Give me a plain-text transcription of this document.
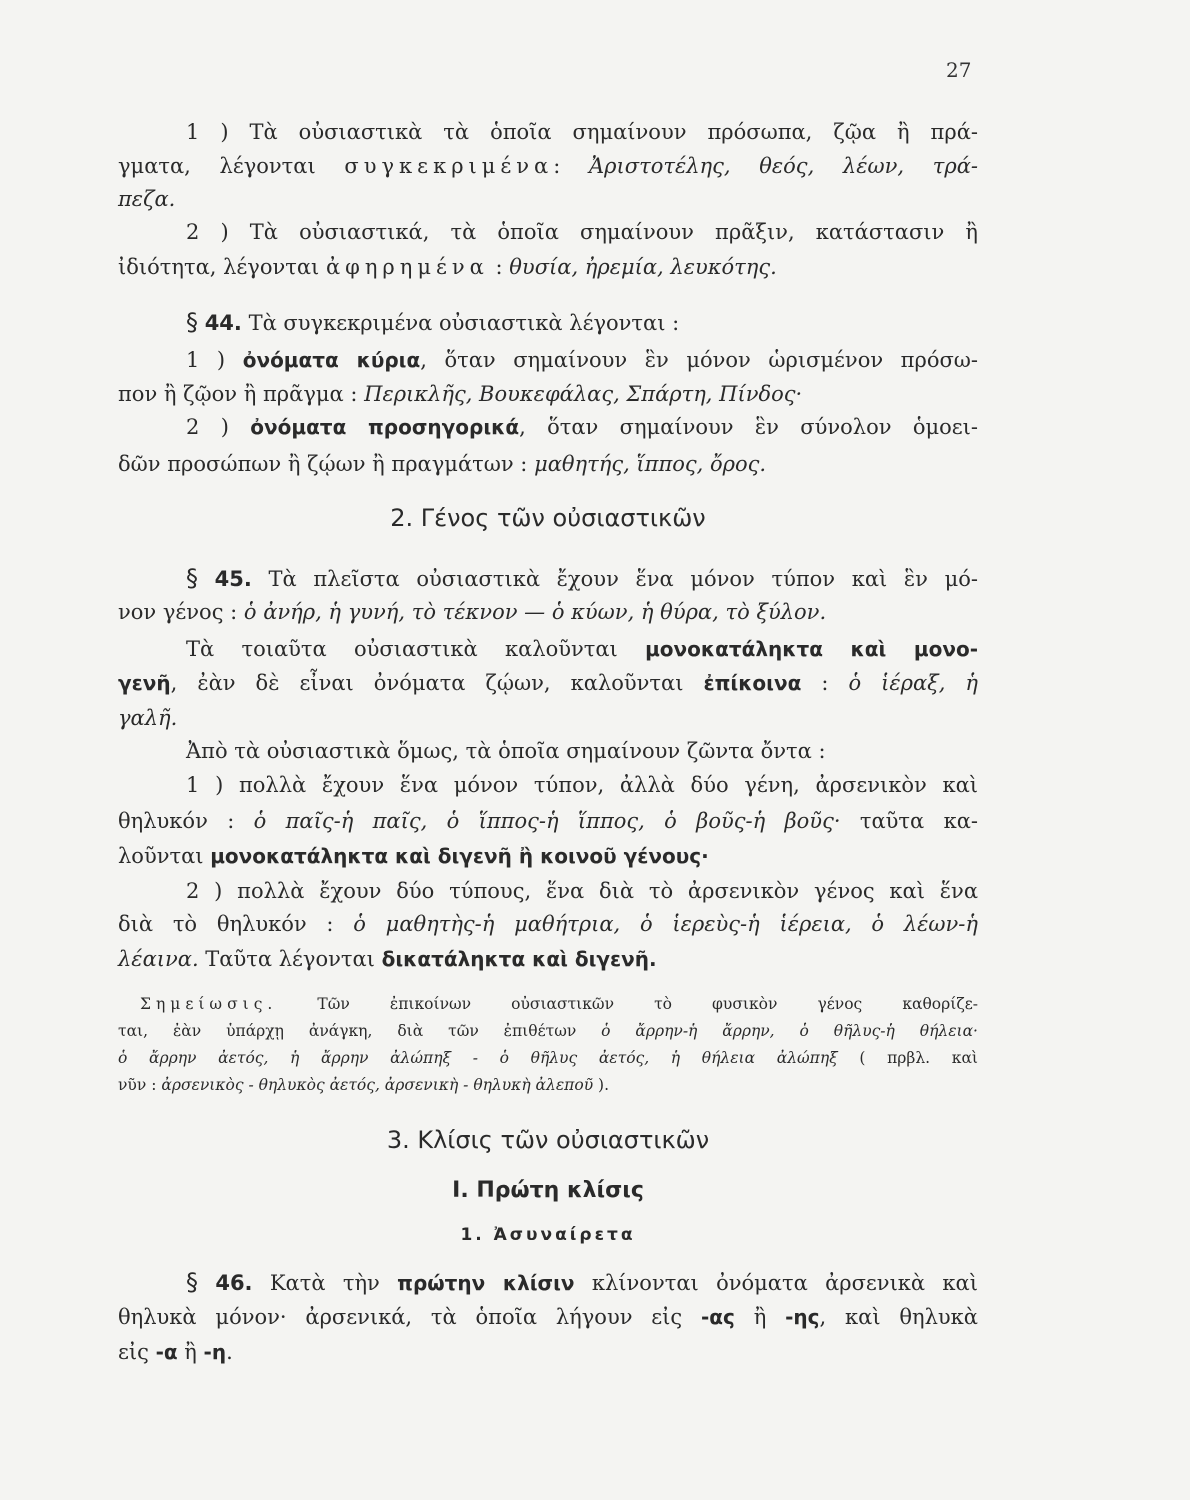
27
1 ) Τὰ οὐσιαστικὰ τὰ ὁποῖα σημαίνουν πρόσωπα, ζῷα ἢ πρά-
γματα, λέγονται συγκεκριμένα: Ἀριστοτέλης, θεός, λέων, τρά-
πεζα.
2 ) Τὰ οὐσιαστικά, τὰ ὁποῖα σημαίνουν πρᾶξιν, κατάστασιν ἢ
ἰδιότητα, λέγονται ἀφηρημένα : θυσία, ἠρεμία, λευκότης.
§ 44. Τὰ συγκεκριμένα οὐσιαστικὰ λέγονται :
1 ) ὀνόματα κύρια, ὅταν σημαίνουν ἓν μόνον ὡρισμένον πρόσω-
πον ἢ ζῷον ἢ πρᾶγμα : Περικλῆς, Βουκεφάλας, Σπάρτη, Πίνδος·
2 ) ὀνόματα προσηγορικά, ὅταν σημαίνουν ἓν σύνολον ὁμοει-
δῶν προσώπων ἢ ζῴων ἢ πραγμάτων : μαθητής, ἵππος, ὄρος.
2. Γένος τῶν οὐσιαστικῶν
§ 45. Τὰ πλεῖστα οὐσιαστικὰ ἔχουν ἕνα μόνον τύπον καὶ ἓν μό-
νον γένος : ὁ ἀνήρ, ἡ γυνή, τὸ τέκνον — ὁ κύων, ἡ θύρα, τὸ ξύλον.
Τὰ τοιαῦτα οὐσιαστικὰ καλοῦνται μονοκατάληκτα καὶ μονο-
γενῆ, ἐὰν δὲ εἶναι ὀνόματα ζῴων, καλοῦνται ἐπίκοινα : ὁ ἱέραξ, ἡ
γαλῆ.
Ἀπὸ τὰ οὐσιαστικὰ ὅμως, τὰ ὁποῖα σημαίνουν ζῶντα ὄντα :
1 ) πολλὰ ἔχουν ἕνα μόνον τύπον, ἀλλὰ δύο γένη, ἀρσενικὸν καὶ
θηλυκόν : ὁ παῖς-ἡ παῖς, ὁ ἵππος-ἡ ἵππος, ὁ βοῦς-ἡ βοῦς· ταῦτα κα-
λοῦνται μονοκατάληκτα καὶ διγενῆ ἢ κοινοῦ γένους·
2 ) πολλὰ ἔχουν δύο τύπους, ἕνα διὰ τὸ ἀρσενικὸν γένος καὶ ἕνα
διὰ τὸ θηλυκόν : ὁ μαθητὴς-ἡ μαθήτρια, ὁ ἱερεὺς-ἡ ἱέρεια, ὁ λέων-ἡ
λέαινα. Ταῦτα λέγονται δικατάληκτα καὶ διγενῆ.
Σημείωσις. Τῶν ἐπικοίνων οὐσιαστικῶν τὸ φυσικὸν γένος καθορίζε-
ται, ἐὰν ὑπάρχῃ ἀνάγκη, διὰ τῶν ἐπιθέτων ὁ ἄρρην-ἡ ἄρρην, ὁ θῆλυς-ἡ θήλεια·
ὁ ἄρρην ἀετός, ἡ ἄρρην ἀλώπηξ - ὁ θῆλυς ἀετός, ἡ θήλεια ἀλώπηξ ( πρβλ. καὶ
νῦν : ἀρσενικὸς - θηλυκὸς ἀετός, ἀρσενικὴ - θηλυκὴ ἀλεποῦ ).
3. Κλίσις τῶν οὐσιαστικῶν
Ι. Πρώτη κλίσις
1. Ἀσυναίρετα
§ 46. Κατὰ τὴν πρώτην κλίσιν κλίνονται ὀνόματα ἀρσενικὰ καὶ
θηλυκὰ μόνον· ἀρσενικά, τὰ ὁποῖα λήγουν εἰς -ας ἢ -ης, καὶ θηλυκὰ
εἰς -α ἢ -η.
